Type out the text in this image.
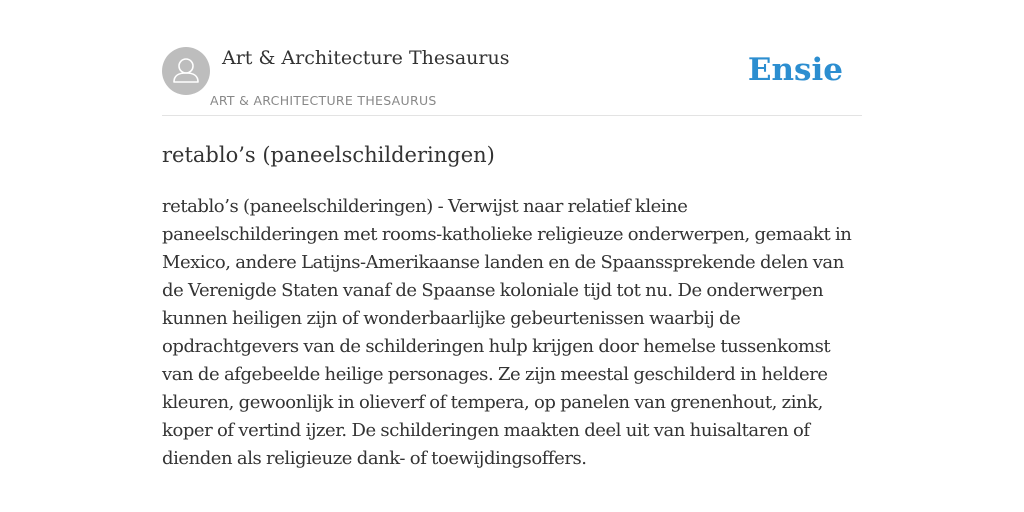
Art & Architecture Thesaurus
ART & ARCHITECTURE THESAURUS
Ensie
retablo’s (paneelschilderingen)

retablo’s (paneelschilderingen) - Verwijst naar relatief kleine paneelschilderingen met rooms-katholieke religieuze onderwerpen, gemaakt in Mexico, andere Latijns-Amerikaanse landen en de Spaanssprekende delen van de Verenigde Staten vanaf de Spaanse koloniale tijd tot nu. De onderwerpen kunnen heiligen zijn of wonderbaarlijke gebeurtenissen waarbij de opdrachtgevers van de schilderingen hulp krijgen door hemelse tussenkomst van de afgebeelde heilige personages. Ze zijn meestal geschilderd in heldere kleuren, gewoonlijk in olieverf of tempera, op panelen van grenenhout, zink, koper of vertind ijzer. De schilderingen maakten deel uit van huisaltaren of dienden als religieuze dank- of toewijdingsoffers.
